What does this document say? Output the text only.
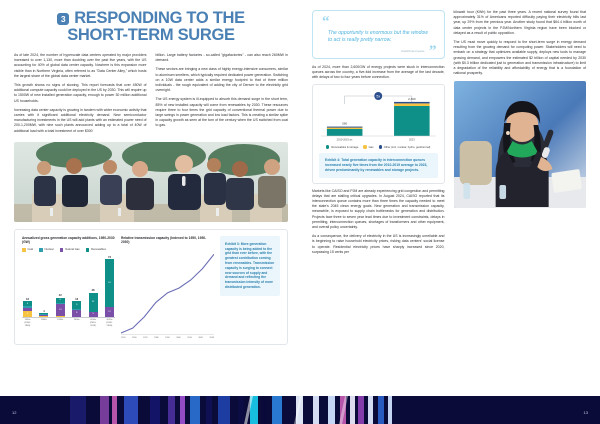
3 RESPONDING TO THE
SHORT-TERM SURGE

As of late 2024, the number of hyperscale data centers operated by major providers increased to over 1,130, more than doubling over the past five years, with the US accounting for 40% of global data center capacity. Nowhere is this expansion more visible than in Northern Virginia, often referred to as "Data Center Alley," which hosts the largest share of the global data center market.

This growth shows no signs of slowing. This report forecasts that over 450W of additional compute capacity could be deployed in the US by 2030. This will require up to 1500W of new installed generation capacity, enough to power 30 million additional US households.

Increasing data center capacity is growing in tandem with wider economic activity that carries with it significant additional electricity demand. New semiconductor manufacturing investments in the US will add plants with an estimated power need of 200-1,200MW, with nine such plants announced adding up to a total of 40W of additional load with a total investment of over $300

billion. Large battery factories - so-called "gigafactories" - can also reach 260MW in demand.

These sectors are bringing a new class of highly energy-intensive consumers, similar to aluminum smelters, which typically required dedicated power generation. Switching on a 10W data center adds a similar energy footprint to that of three million individuals - the rough equivalent of adding the city of Denver to the electricity grid overnight.

The US energy system is ill-equipped to absorb this demand surge in the short term, 85% of new installed capacity will come from renewables by 2030. These resources require three to four times the grid capacity of conventional thermal power due to large swings in power generation and low load factors. This is creating a similar spike in capacity growth as seen at the turn of the century when the US switched from coal to gas.

Annualized gross generation capacity additions, 1950-2030 (GW)
Coal	Nuclear	Natural Gas	Renewables
18
6
6
4
22
14
6	18
8
9
28
5
23
73
12
61
1950s (1950-1960)
1960s	1990s	2000s	2010s (2010-2019)
2020s (2020-2030)
Relative transmission capacity (Indexed to 1950, 1950-2030)
1950	1960	1970	1980	1990	2000	2010	2020	2030
Exhibit 3: More generation capacity is being added to the grid than ever before, with the greatest contribution coming from renewables. Transmission capacity is surging to connect new sources of supply and demand and reflecting the transmission intensity of more distributed generation.
“
The opportunity is enormous but the window to act is really pretty narrow.
Unattributed quote ”

As of 2024, more than 2,600GW of energy projects were stuck in interconnection queues across the country, a five-fold increase from the average of the last decade, with delays of two to four years before connection.

5x
560
2,300
2010-2019 av.	2023
Renewables & storage	Gas	Other (incl. nuclear, hydro, geothermal)
Exhibit 4: Total generation capacity in interconnection queues increased nearly five times from the 2010-2019 average to 2023, driven predominantly by renewables and storage projects.

Markets like CAISO and PJM are already experiencing grid congestion and permitting delays that are stalling critical upgrades. In August 2024, CAISO reported that its interconnection queue contains more than three times the capacity needed to meet the state's 2045 clean energy goals. New generation and transmission capacity, meanwhile, is exposed to supply chain bottlenecks for generation and distribution. Projects face three to seven year lead times due to investment constraints, delays in permitting, interconnection queues, shortages of transformers and other equipment, and overall policy uncertainty.

As a consequence, the delivery of electricity in the US is increasingly unreliable and is beginning to raise household electricity prices, risking data centers' social license to operate. Residential electricity prices have sharply increased since 2020, surpassing 15 cents per

kilowatt hour (KWh) for the past three years. A recent national survey found that approximately 31% of Americans reported difficulty paying their electricity bills last year, up 29% from the previous year. Another study found that $64.4 billion worth of data center projects in the PJM/Northern Virginia region have been blocked or delayed as a result of public opposition.

The US must move quickly to respond to the short-term surge in energy demand resulting from the growing demand for computing power. Stakeholders will need to embark on a strategy that optimizes available supply, deploys new tools to manage growing demand, and empowers the estimated $2 trillion of capital needed by 2030 (with $0.3 trillion dedicated just to generation and transmission infrastructure) to limit a degradation of the reliability and affordability of energy that is a foundation of national prosperity.

12	13
